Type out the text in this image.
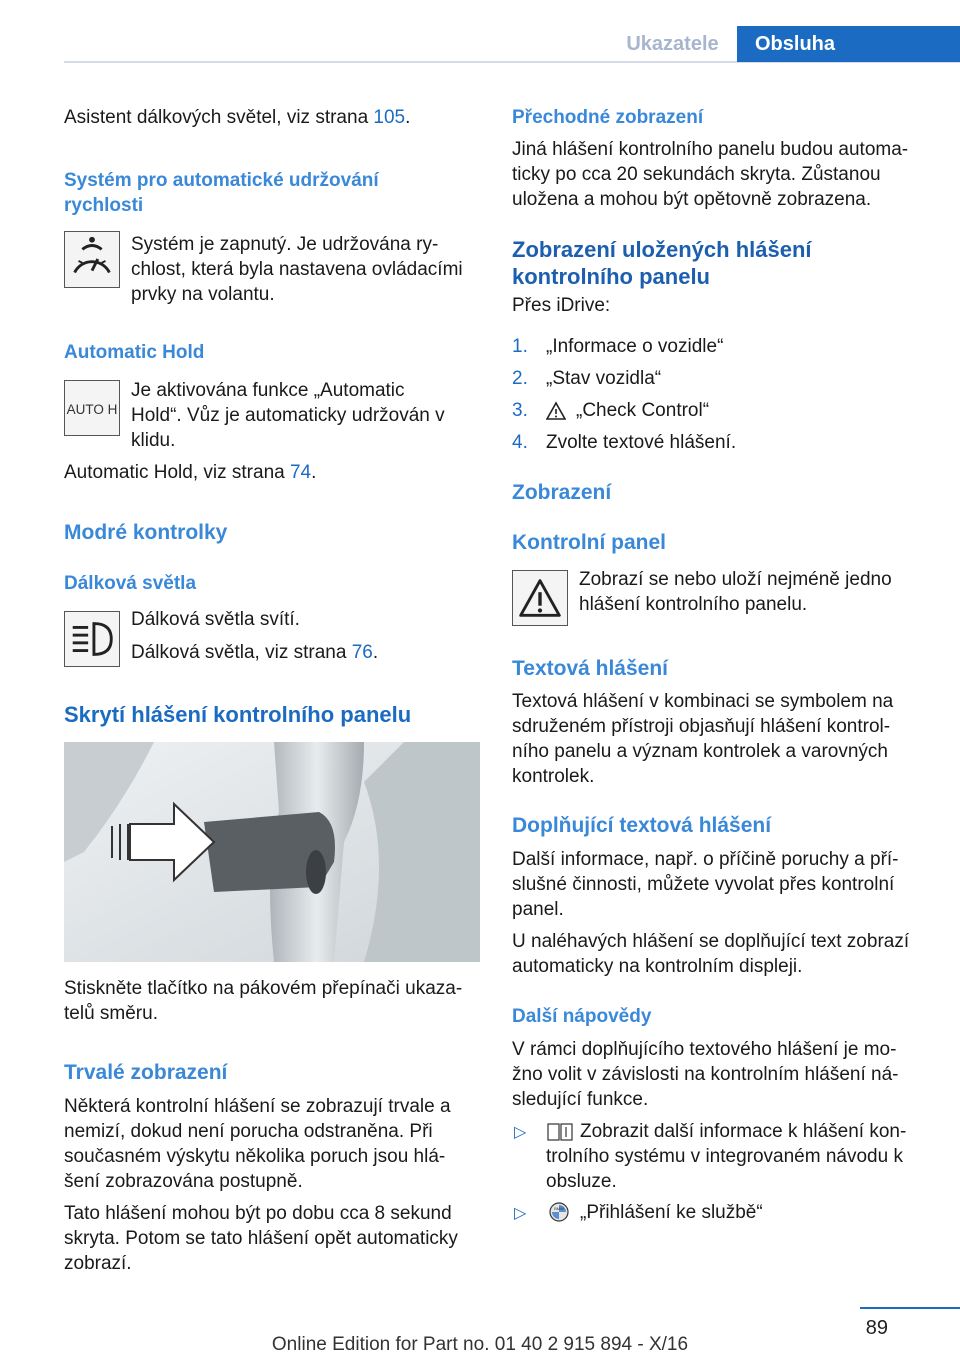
Ukazatele	Obsluha
Asistent dálkových světel, viz strana 105.
Systém pro automatické udržování
rychlosti
Systém je zapnutý. Je udržována ry-
chlost, která byla nastavena ovládacími
prvky na volantu.
Automatic Hold
AUTO H
Je aktivována funkce „Automatic
Hold“. Vůz je automaticky udržován v
klidu.
Automatic Hold, viz strana 74.
Modré kontrolky
Dálková světla
Dálková světla svítí.
Dálková světla, viz strana 76.
Skrytí hlášení kontrolního panelu
Stiskněte tlačítko na pákovém přepínači ukaza-
telů směru.
Trvalé zobrazení
Některá kontrolní hlášení se zobrazují trvale a
nemizí, dokud není porucha odstraněna. Při
současném výskytu několika poruch jsou hlá-
šení zobrazována postupně.
Tato hlášení mohou být po dobu cca 8 sekund
skryta. Potom se tato hlášení opět automaticky
zobrazí.
Přechodné zobrazení
Jiná hlášení kontrolního panelu budou automa-
ticky po cca 20 sekundách skryta. Zůstanou
uložena a mohou být opětovně zobrazena.
Zobrazení uložených hlášení
kontrolního panelu
Přes iDrive:
1. „Informace o vozidle“
2. „Stav vozidla“
3.	„Check Control“
4. Zvolte textové hlášení.
Zobrazení
Kontrolní panel
Zobrazí se nebo uloží nejméně jedno
hlášení kontrolního panelu.
Textová hlášení
Textová hlášení v kombinaci se symbolem na
sdruženém přístroji objasňují hlášení kontrol-
ního panelu a význam kontrolek a varovných
kontrolek.
Doplňující textová hlášení
Další informace, např. o příčině poruchy a pří-
slušné činnosti, můžete vyvolat přes kontrolní
panel.
U naléhavých hlášení se doplňující text zobrazí
automaticky na kontrolním displeji.
Další nápovědy
V rámci doplňujícího textového hlášení je mo-
žno volit v závislosti na kontrolním hlášení ná-
sledující funkce.
▷	Zobrazit další informace k hlášení kon-
trolního systému v integrovaném návodu k
obsluze.
▷	BMW „Přihlášení ke službě“
89
Online Edition for Part no. 01 40 2 915 894 - X/16
